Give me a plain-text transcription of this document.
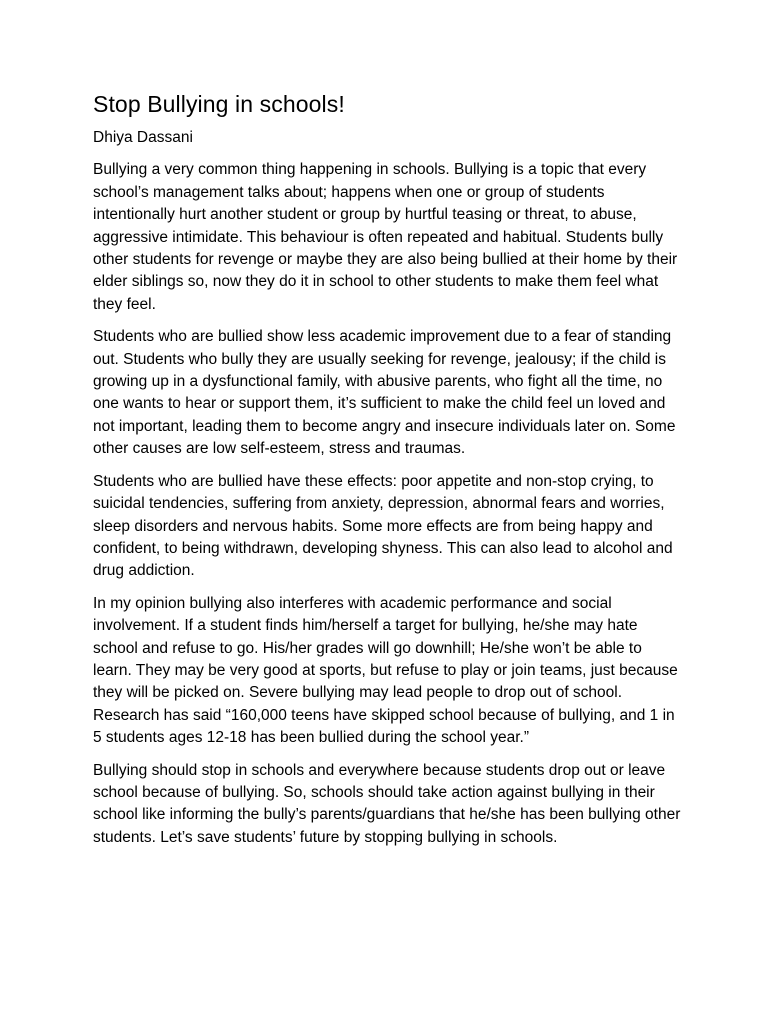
Stop Bullying in schools!

Dhiya Dassani

Bullying a very common thing happening in schools. Bullying is a topic that every school’s management talks about; happens when one or group of students intentionally hurt another student or group by hurtful teasing or threat, to abuse, aggressive intimidate. This behaviour is often repeated and habitual. Students bully other students for revenge or maybe they are also being bullied at their home by their elder siblings so, now they do it in school to other students to make them feel what they feel.

Students who are bullied show less academic improvement due to a fear of standing out. Students who bully they are usually seeking for revenge, jealousy; if the child is growing up in a dysfunctional family, with abusive parents, who fight all the time, no one wants to hear or support them, it’s sufficient to make the child feel un loved and not important, leading them to become angry and insecure individuals later on. Some other causes are low self-esteem, stress and traumas.

Students who are bullied have these effects: poor appetite and non-stop crying, to suicidal tendencies, suffering from anxiety, depression, abnormal fears and worries, sleep disorders and nervous habits. Some more effects are from being happy and confident, to being withdrawn, developing shyness. This can also lead to alcohol and drug addiction.

In my opinion bullying also interferes with academic performance and social involvement. If a student finds him/herself a target for bullying, he/she may hate school and refuse to go. His/her grades will go downhill; He/she won’t be able to learn. They may be very good at sports, but refuse to play or join teams, just because they will be picked on. Severe bullying may lead people to drop out of school. Research has said “160,000 teens have skipped school because of bullying, and 1 in 5 students ages 12-18 has been bullied during the school year.”

Bullying should stop in schools and everywhere because students drop out or leave school because of bullying. So, schools should take action against bullying in their school like informing the bully’s parents/guardians that he/she has been bullying other students. Let’s save students’ future by stopping bullying in schools.
